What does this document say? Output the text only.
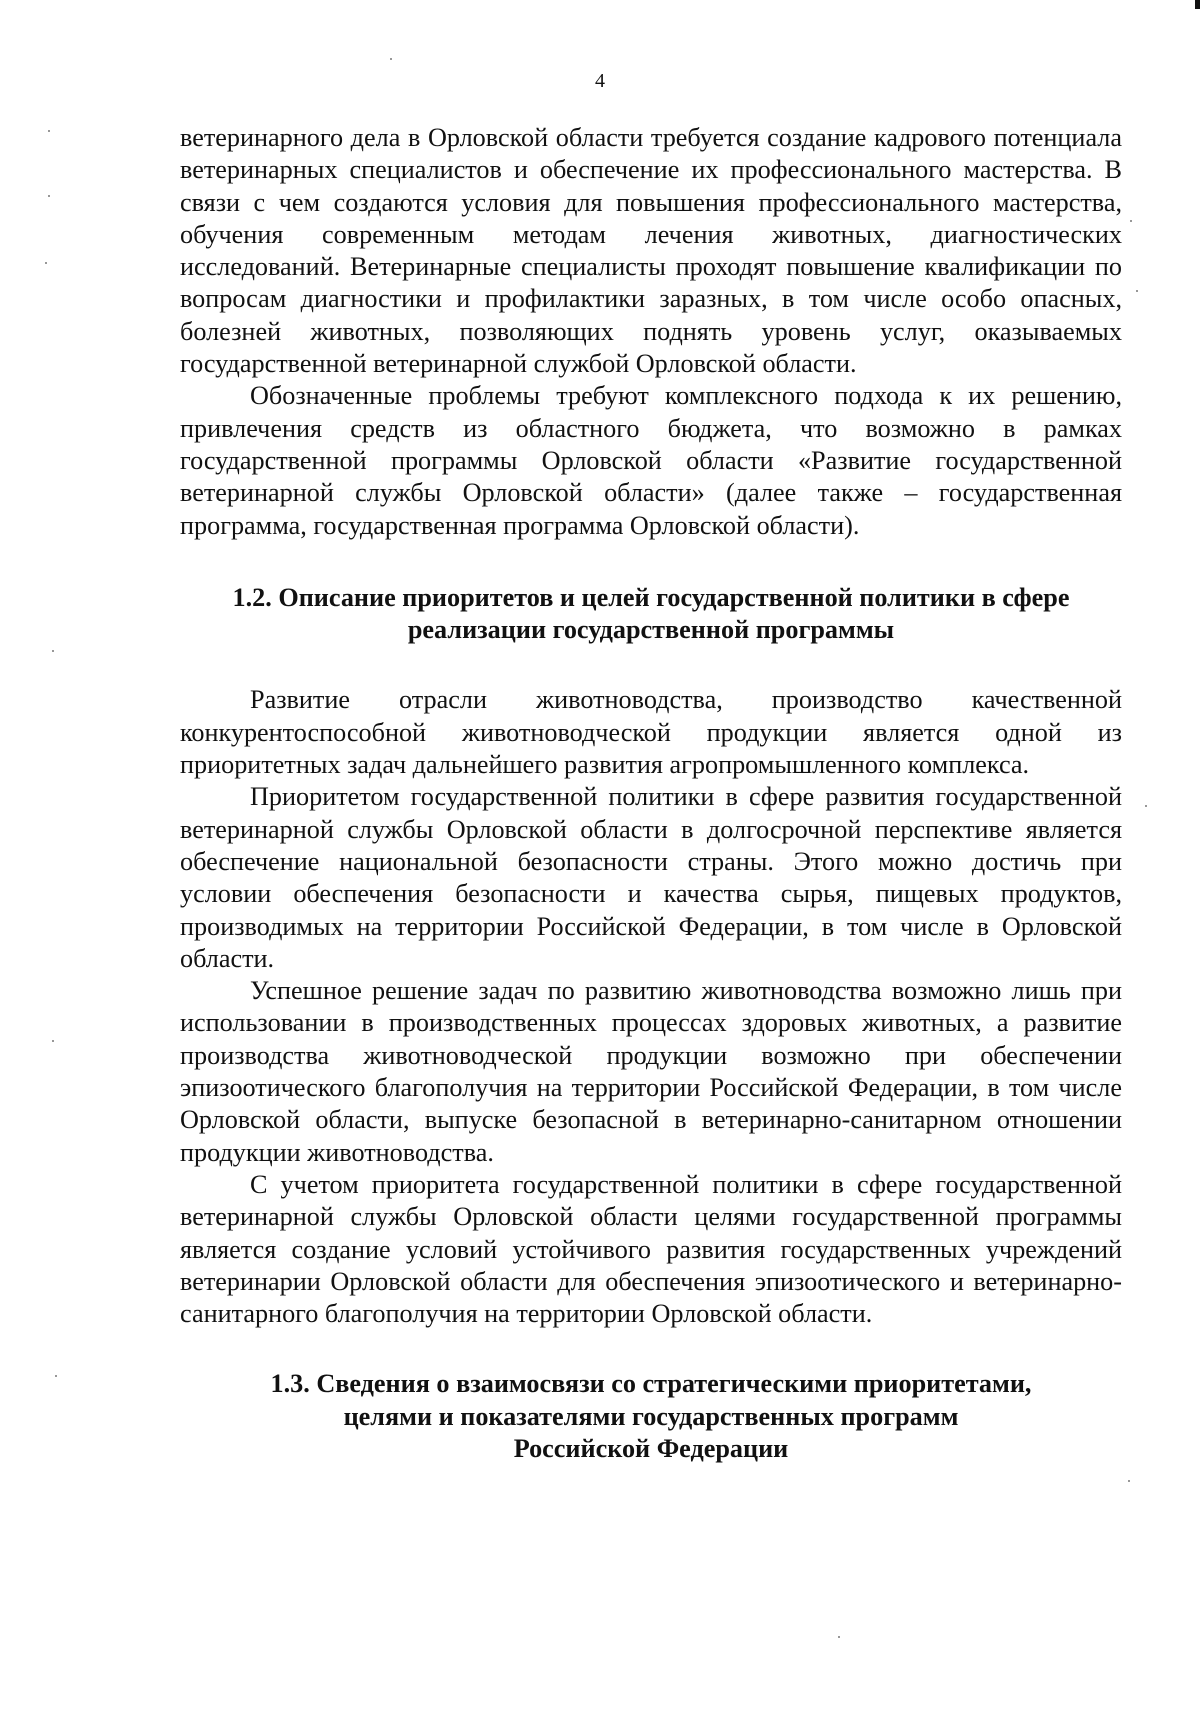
4

ветеринарного дела в Орловской области требуется создание кадрового потенциала ветеринарных специалистов и обеспечение их профессионального мастерства. В связи с чем создаются условия для повышения профессионального мастерства, обучения современным методам лечения животных, диагностических исследований. Ветеринарные специалисты проходят повышение квалификации по вопросам диагностики и профилактики заразных, в том числе особо опасных, болезней животных, позволяющих поднять уровень услуг, оказываемых государственной ветеринарной службой Орловской области.

Обозначенные проблемы требуют комплексного подхода к их решению, привлечения средств из областного бюджета, что возможно в рамках государственной программы Орловской области «Развитие государственной ветеринарной службы Орловской области» (далее также – государственная программа, государственная программа Орловской области).

1.2. Описание приоритетов и целей государственной политики в сфере
реализации государственной программы

Развитие отрасли животноводства, производство качественной конкурентоспособной животноводческой продукции является одной из приоритетных задач дальнейшего развития агропромышленного комплекса.

Приоритетом государственной политики в сфере развития государственной ветеринарной службы Орловской области в долгосрочной перспективе является обеспечение национальной безопасности страны. Этого можно достичь при условии обеспечения безопасности и качества сырья, пищевых продуктов, производимых на территории Российской Федерации, в том числе в Орловской области.

Успешное решение задач по развитию животноводства возможно лишь при использовании в производственных процессах здоровых животных, а развитие производства животноводческой продукции возможно при обеспечении эпизоотического благополучия на территории Российской Федерации, в том числе Орловской области, выпуске безопасной в ветеринарно-санитарном отношении продукции животноводства.

С учетом приоритета государственной политики в сфере государственной ветеринарной службы Орловской области целями государственной программы является создание условий устойчивого развития государственных учреждений ветеринарии Орловской области для обеспечения эпизоотического и ветеринарно-санитарного благополучия на территории Орловской области.

1.3. Сведения о взаимосвязи со стратегическими приоритетами,
целями и показателями государственных программ
Российской Федерации
